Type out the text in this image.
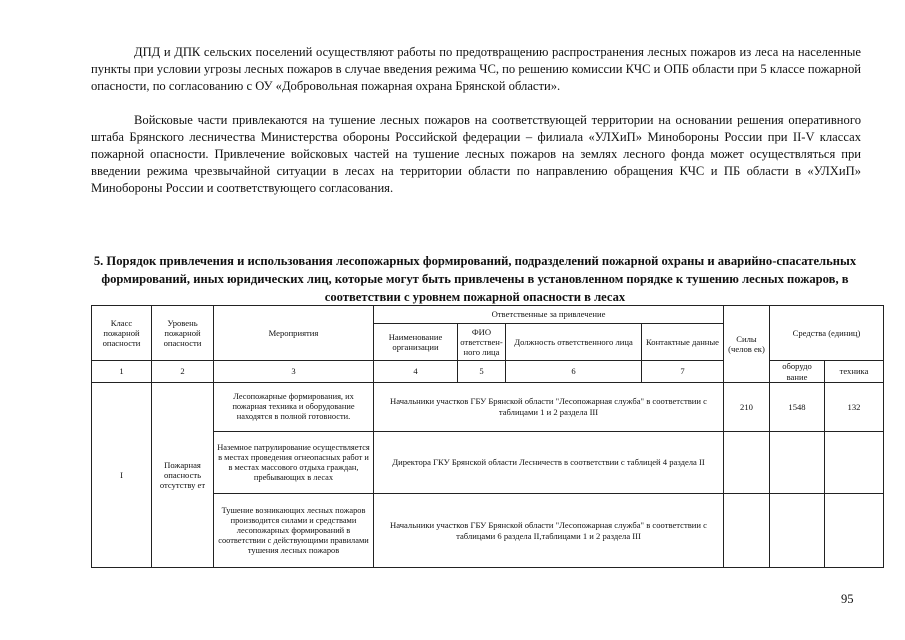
ДПД и ДПК сельских поселений осуществляют работы по предотвращению распространения лесных пожаров из леса на населенные пункты при условии угрозы лесных пожаров в случае введения режима ЧС, по решению комиссии КЧС и ОПБ области при 5 классе пожарной опасности, по согласованию с ОУ «Добровольная пожарная охрана Брянской области».

Войсковые части привлекаются на тушение лесных пожаров на соответствующей территории на основании решения оперативного штаба Брянского лесничества Министерства обороны Российской федерации – филиала «УЛХиП» Минобороны России при II-V классах пожарной опасности. Привлечение войсковых частей на тушение лесных пожаров на землях лесного фонда может осуществляться при введении режима чрезвычайной ситуации в лесах на территории области по направлению обращения КЧС и ПБ области в «УЛХиП» Минобороны России и соответствующего согласования.

5. Порядок привлечения и использования лесопожарных формирований, подразделений пожарной охраны и аварийно-спасательных формирований, иных юридических лиц, которые могут быть привлечены в установленном порядке к тушению лесных пожаров, в соответствии с уровнем пожарной опасности в лесах

Класс пожарной опасности	Уровень пожарной опасности	Мероприятия	Ответственные за привлечение				Силы (челов ек)	Средства (единиц)	
			Наименование организации	ФИО ответствен-ного лица	Должность ответственного лица	Контактные данные			
1	2	3	4	5	6	7		оборудо вание	техника
I	Пожарная опасность отсутству ет	Лесопожарные формирования, их пожарная техника и оборудование находятся в полной готовности.	Начальники участков ГБУ Брянской области "Лесопожарная служба" в соответствии с таблицами 1 и 2 раздела III				210	1548	132
		Наземное патрулирование осуществляется в местах проведения огнеопасных работ и в местах массового отдыха граждан, пребывающих в лесах	Директора ГКУ Брянской области Лесничеств в соответствии с таблицей 4 раздела II						
		Тушение возникающих лесных пожаров производится силами и средствами лесопожарных формирований в соответствии с действующими правилами тушения лесных пожаров	Начальники участков ГБУ Брянской области "Лесопожарная служба" в соответствии с таблицами 6 раздела II,таблицами 1 и 2 раздела III						
95
